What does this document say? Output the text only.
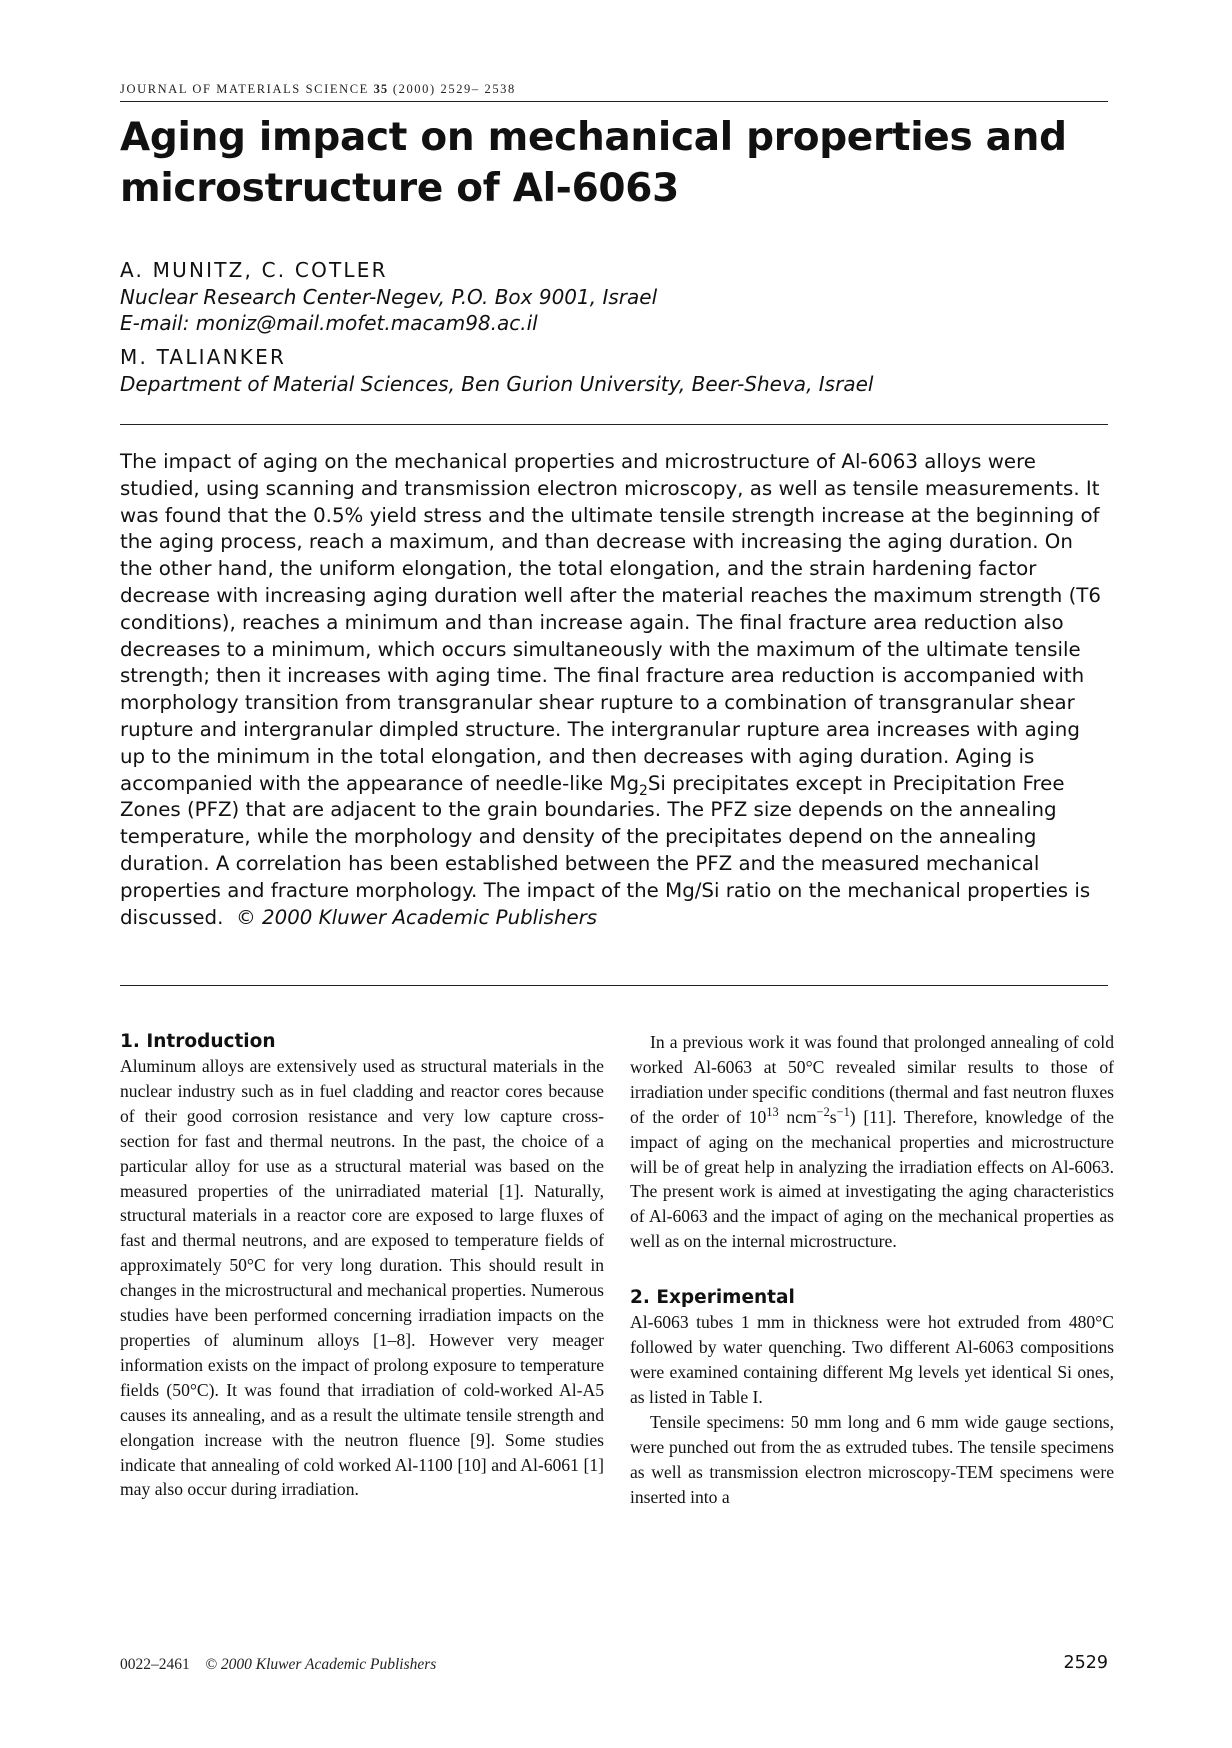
JOURNAL OF MATERIALS SCIENCE 35 (2000) 2529– 2538
Aging impact on mechanical properties and
microstructure of Al-6063
A. MUNITZ, C. COTLER
Nuclear Research Center-Negev, P.O. Box 9001, Israel
E-mail: moniz@mail.mofet.macam98.ac.il
M. TALIANKER
Department of Material Sciences, Ben Gurion University, Beer-Sheva, Israel

The impact of aging on the mechanical properties and microstructure of Al-6063 alloys were studied, using scanning and transmission electron microscopy, as well as tensile measurements. It was found that the 0.5% yield stress and the ultimate tensile strength increase at the beginning of the aging process, reach a maximum, and than decrease with increasing the aging duration. On the other hand, the uniform elongation, the total elongation, and the strain hardening factor decrease with increasing aging duration well after the material reaches the maximum strength (T6 conditions), reaches a minimum and than increase again. The final fracture area reduction also decreases to a minimum, which occurs simultaneously with the maximum of the ultimate tensile strength; then it increases with aging time. The final fracture area reduction is accompanied with morphology transition from transgranular shear rupture to a combination of transgranular shear rupture and intergranular dimpled structure. The intergranular rupture area increases with aging up to the minimum in the total elongation, and then decreases with aging duration. Aging is accompanied with the appearance of needle-like $Mg_2Si$ precipitates except in Precipitation Free Zones (PFZ) that are adjacent to the grain boundaries. The PFZ size depends on the annealing temperature, while the morphology and density of the precipitates depend on the annealing duration. A correlation has been established between the PFZ and the measured mechanical properties and fracture morphology. The impact of the Mg/Si ratio on the mechanical properties is discussed. © 2000 Kluwer Academic Publishers

1. Introduction

Aluminum alloys are extensively used as structural materials in the nuclear industry such as in fuel cladding and reactor cores because of their good corrosion resistance and very low capture cross-section for fast and thermal neutrons. In the past, the choice of a particular alloy for use as a structural material was based on the measured properties of the unirradiated material [1]. Naturally, structural materials in a reactor core are exposed to large fluxes of fast and thermal neutrons, and are exposed to temperature fields of approximately 50°C for very long duration. This should result in changes in the microstructural and mechanical properties. Numerous studies have been performed concerning irradiation impacts on the properties of aluminum alloys [1–8]. However very meager information exists on the impact of prolong exposure to temperature fields (50°C). It was found that irradiation of cold-worked Al-A5 causes its annealing, and as a result the ultimate tensile strength and elongation increase with the neutron fluence [9]. Some studies indicate that annealing of cold worked Al-1100 [10] and Al-6061 [1] may also occur during irradiation.

In a previous work it was found that prolonged annealing of cold worked Al-6063 at 50°C revealed similar results to those of irradiation under specific conditions (thermal and fast neutron fluxes of the order of $10^{13}$ $ncm^{-2}s^{-1}$) [11]. Therefore, knowledge of the impact of aging on the mechanical properties and microstructure will be of great help in analyzing the irradiation effects on Al-6063. The present work is aimed at investigating the aging characteristics of Al-6063 and the impact of aging on the mechanical properties as well as on the internal microstructure.

2. Experimental

Al-6063 tubes 1 mm in thickness were hot extruded from 480°C followed by water quenching. Two different Al-6063 compositions were examined containing different Mg levels yet identical Si ones, as listed in Table I.

Tensile specimens: 50 mm long and 6 mm wide gauge sections, were punched out from the as extruded tubes. The tensile specimens as well as transmission electron microscopy-TEM specimens were inserted into a

0022–2461 © 2000 Kluwer Academic Publishers	2529
